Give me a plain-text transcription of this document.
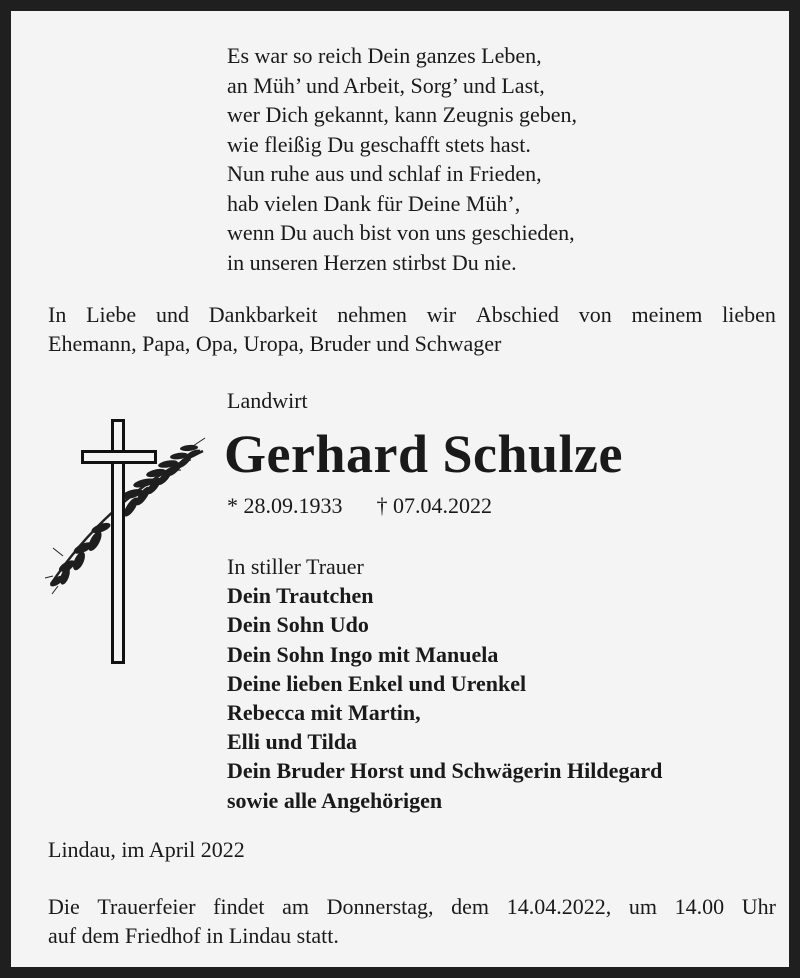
Es war so reich Dein ganzes Leben,
an Müh’ und Arbeit, Sorg’ und Last,
wer Dich gekannt, kann Zeugnis geben,
wie fleißig Du geschafft stets hast.
Nun ruhe aus und schlaf in Frieden,
hab vielen Dank für Deine Müh’,
wenn Du auch bist von uns geschieden,
in unseren Herzen stirbst Du nie.
In Liebe und Dankbarkeit nehmen wir Abschied von meinem lieben
Ehemann, Papa, Opa, Uropa, Bruder und Schwager
Landwirt
Gerhard Schulze
* 28.09.1933 † 07.04.2022
In stiller Trauer
Dein Trautchen
Dein Sohn Udo
Dein Sohn Ingo mit Manuela
Deine lieben Enkel und Urenkel
Rebecca mit Martin,
Elli und Tilda
Dein Bruder Horst und Schwägerin Hildegard
sowie alle Angehörigen
Lindau, im April 2022
Die Trauerfeier findet am Donnerstag, dem 14.04.2022, um 14.00 Uhr
auf dem Friedhof in Lindau statt.
